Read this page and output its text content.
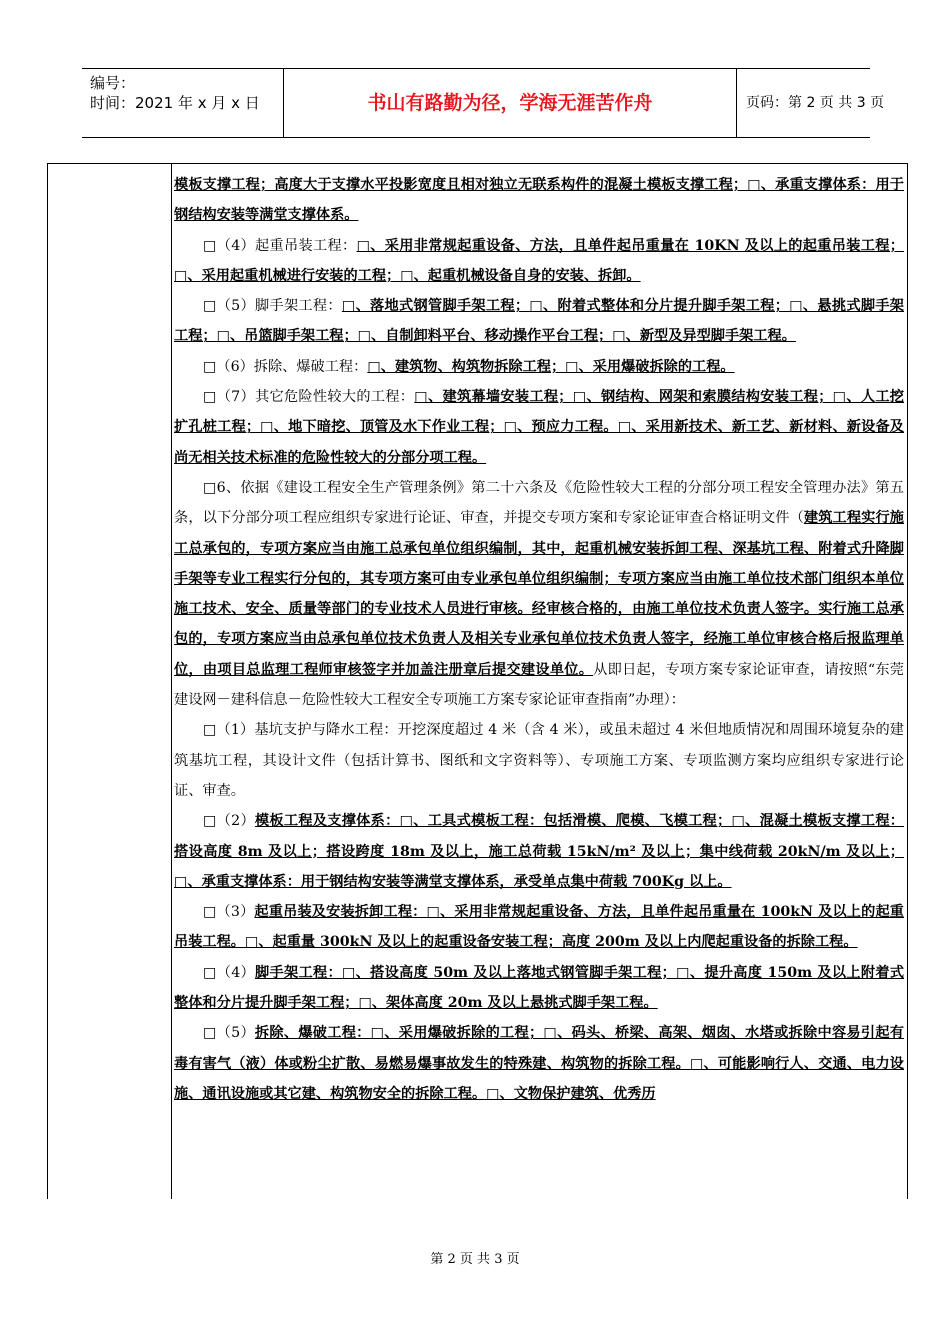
编号：
时间：2021 年 x 月 x 日	书山有路勤为径，学海无涯苦作舟	页码：第 2 页 共 3 页

模板支撑工程；高度大于支撑水平投影宽度且相对独立无联系构件的混凝土模板支撑工程；□、承重支撑体系：用于钢结构安装等满堂支撑体系。

□（4）起重吊装工程：□、采用非常规起重设备、方法，且单件起吊重量在 10KN 及以上的起重吊装工程；□、采用起重机械进行安装的工程；□、起重机械设备自身的安装、拆卸。

□（5）脚手架工程：□、落地式钢管脚手架工程；□、附着式整体和分片提升脚手架工程；□、悬挑式脚手架工程；□、吊篮脚手架工程；□、自制卸料平台、移动操作平台工程；□、新型及异型脚手架工程。

□（6）拆除、爆破工程：□、建筑物、构筑物拆除工程；□、采用爆破拆除的工程。

□（7）其它危险性较大的工程：□、建筑幕墙安装工程；□、钢结构、网架和索膜结构安装工程；□、人工挖扩孔桩工程；□、地下暗挖、顶管及水下作业工程；□、预应力工程。□、采用新技术、新工艺、新材料、新设备及尚无相关技术标准的危险性较大的分部分项工程。

□6、依据《建设工程安全生产管理条例》第二十六条及《危险性较大工程的分部分项工程安全管理办法》第五条，以下分部分项工程应组织专家进行论证、审查，并提交专项方案和专家论证审查合格证明文件（建筑工程实行施工总承包的，专项方案应当由施工总承包单位组织编制，其中，起重机械安装拆卸工程、深基坑工程、附着式升降脚手架等专业工程实行分包的，其专项方案可由专业承包单位组织编制；专项方案应当由施工单位技术部门组织本单位施工技术、安全、质量等部门的专业技术人员进行审核。经审核合格的，由施工单位技术负责人签字。实行施工总承包的，专项方案应当由总承包单位技术负责人及相关专业承包单位技术负责人签字，经施工单位审核合格后报监理单位，由项目总监理工程师审核签字并加盖注册章后提交建设单位。从即日起，专项方案专家论证审查，请按照“东莞建设网－建科信息－危险性较大工程安全专项施工方案专家论证审查指南”办理）：

□（1）基坑支护与降水工程：开挖深度超过 4 米（含 4 米），或虽未超过 4 米但地质情况和周围环境复杂的建筑基坑工程，其设计文件（包括计算书、图纸和文字资料等）、专项施工方案、专项监测方案均应组织专家进行论证、审查。

□（2）模板工程及支撑体系：□、工具式模板工程：包括滑模、爬模、飞模工程；□、混凝土模板支撑工程：搭设高度 8m 及以上；搭设跨度 18m 及以上，施工总荷载 15kN/m² 及以上；集中线荷载 20kN/m 及以上；□、承重支撑体系：用于钢结构安装等满堂支撑体系，承受单点集中荷载 700Kg 以上。

□（3）起重吊装及安装拆卸工程：□、采用非常规起重设备、方法，且单件起吊重量在 100kN 及以上的起重吊装工程。□、起重量 300kN 及以上的起重设备安装工程；高度 200m 及以上内爬起重设备的拆除工程。

□（4）脚手架工程：□、搭设高度 50m 及以上落地式钢管脚手架工程；□、提升高度 150m 及以上附着式整体和分片提升脚手架工程；□、架体高度 20m 及以上悬挑式脚手架工程。

□（5）拆除、爆破工程：□、采用爆破拆除的工程；□、码头、桥梁、高架、烟囱、水塔或拆除中容易引起有毒有害气（液）体或粉尘扩散、易燃易爆事故发生的特殊建、构筑物的拆除工程。□、可能影响行人、交通、电力设施、通讯设施或其它建、构筑物安全的拆除工程。□、文物保护建筑、优秀历

第 2 页 共 3 页
